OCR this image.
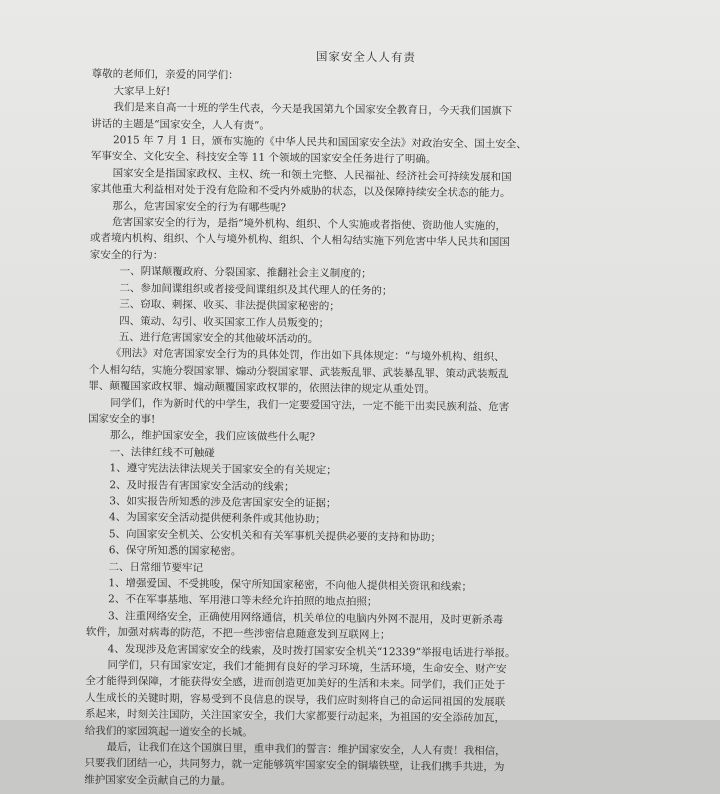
国家安全人人有责
尊敬的老师们，亲爱的同学们：
大家早上好!
我们是来自高一十班的学生代表，今天是我国第九个国家安全教育日，今天我们国旗下
讲话的主题是“国家安全，人人有责”。
2015 年 7 月 1 日，颁布实施的《中华人民共和国国家安全法》对政治安全、国土安全、
军事安全、文化安全、科技安全等 11 个领域的国家安全任务进行了明确。
国家安全是指国家政权、主权、统一和领土完整、人民福祉、经济社会可持续发展和国
家其他重大利益相对处于没有危险和不受内外威胁的状态，以及保障持续安全状态的能力。
那么，危害国家安全的行为有哪些呢?
危害国家安全的行为，是指“境外机构、组织、个人实施或者指使、资助他人实施的，
或者境内机构、组织、个人与境外机构、组织、个人相勾结实施下列危害中华人民共和国国
家安全的行为：
一、阴谋颠覆政府、分裂国家、推翻社会主义制度的；
二、参加间谍组织或者接受间谍组织及其代理人的任务的；
三、窃取、刺探、收买、非法提供国家秘密的；
四、策动、勾引、收买国家工作人员叛变的；
五、进行危害国家安全的其他破坏活动的。
《刑法》对危害国家安全行为的具体处罚，作出如下具体规定：“与境外机构、组织、
个人相勾结，实施分裂国家罪、煽动分裂国家罪、武装叛乱罪、武装暴乱罪、策动武装叛乱
罪、颠覆国家政权罪、煽动颠覆国家政权罪的，依照法律的规定从重处罚。
同学们，作为新时代的中学生，我们一定要爱国守法，一定不能干出卖民族利益、危害
国家安全的事!
那么，维护国家安全，我们应该做些什么呢?
一、法律红线不可触碰
1、遵守宪法法律法规关于国家安全的有关规定；
2、及时报告有害国家安全活动的线索；
3、如实报告所知悉的涉及危害国家安全的证据；
4、为国家安全活动提供便利条件或其他协助；
5、向国家安全机关、公安机关和有关军事机关提供必要的支持和协助；
6、保守所知悉的国家秘密。
二、日常细节要牢记
1、增强爱国、不受挑唆，保守所知国家秘密，不向他人提供相关资讯和线索；
2、不在军事基地、军用港口等未经允许拍照的地点拍照；
3、注重网络安全，正确使用网络通信，机关单位的电脑内外网不混用，及时更新杀毒
软件，加强对病毒的防范，不把一些涉密信息随意发到互联网上；
4、发现涉及危害国家安全的线索，及时拨打国家安全机关“12339”举报电话进行举报。
同学们，只有国家安定，我们才能拥有良好的学习环境，生活环境，生命安全、财产安
全才能得到保障，才能获得安全感，进而创造更加美好的生活和未来。同学们，我们正处于
人生成长的关键时期，容易受到不良信息的误导，我们应时刻将自己的命运同祖国的发展联
系起来，时刻关注国防，关注国家安全，我们大家都要行动起来，为祖国的安全添砖加瓦，
给我们的家园筑起一道安全的长城。
最后，让我们在这个国旗日里，重申我们的誓言：维护国家安全，人人有责！我相信，
只要我们团结一心，共同努力，就一定能够筑牢国家安全的铜墙铁壁，让我们携手共进，为
维护国家安全贡献自己的力量。
